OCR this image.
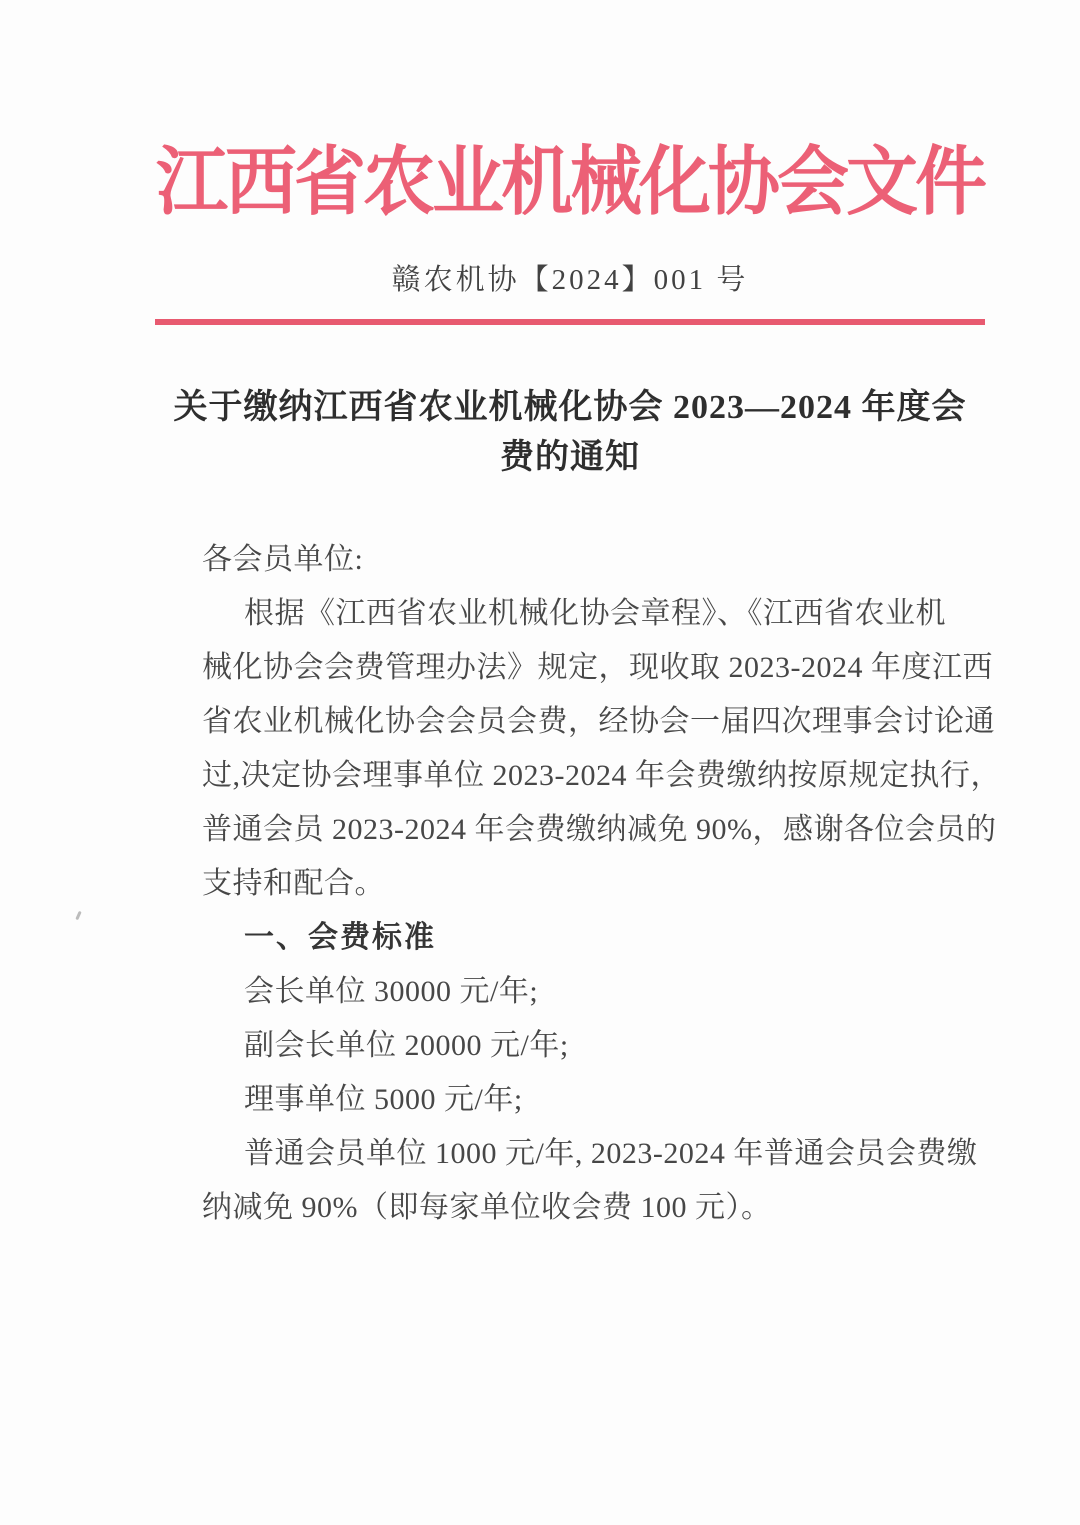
江西省农业机械化协会文件
赣农机协【2024】001 号
关于缴纳江西省农业机械化协会 2023—2024 年度会
费的通知
各会员单位:
根据《江西省农业机械化协会章程》、《江西省农业机
械化协会会费管理办法》规定，现收取 2023-2024 年度江西
省农业机械化协会会员会费，经协会一届四次理事会讨论通
过,决定协会理事单位 2023-2024 年会费缴纳按原规定执行，
普通会员 2023-2024 年会费缴纳减免 90%，感谢各位会员的
支持和配合。
一、会费标准
会长单位 30000 元/年;
副会长单位 20000 元/年;
理事单位 5000 元/年;
普通会员单位 1000 元/年, 2023-2024 年普通会员会费缴
纳减免 90%（即每家单位收会费 100 元）。
